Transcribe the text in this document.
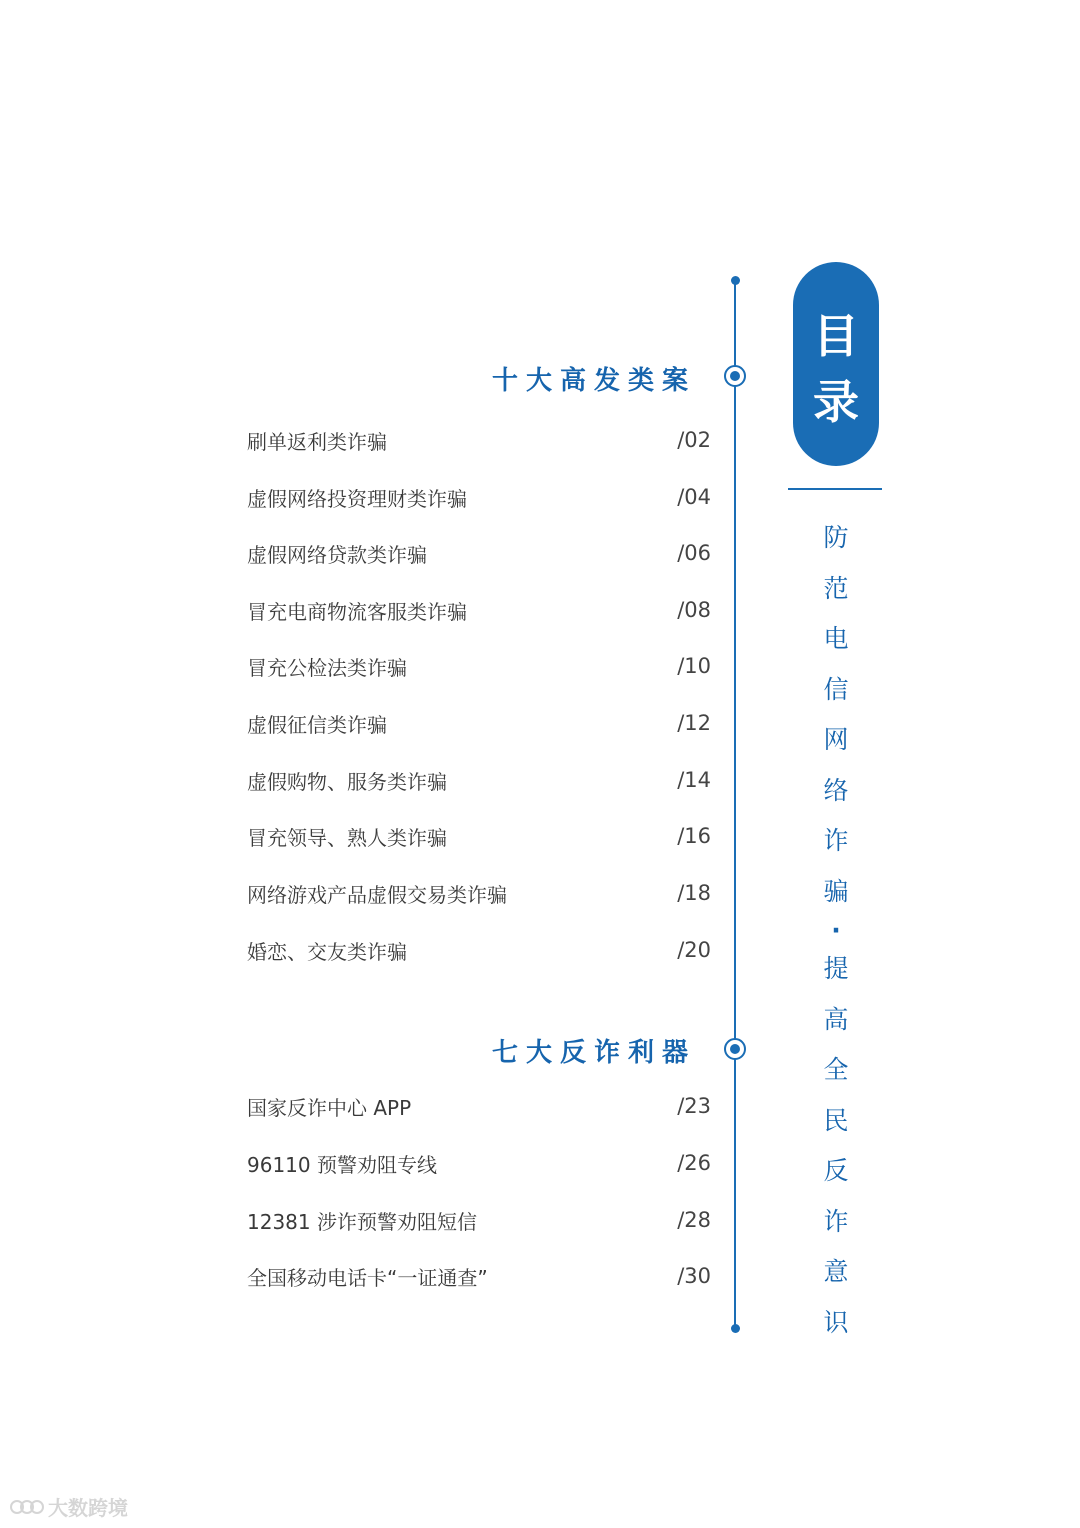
十大高发类案
刷单返利类诈骗	/02
虚假网络投资理财类诈骗	/04
虚假网络贷款类诈骗	/06
冒充电商物流客服类诈骗	/08
冒充公检法类诈骗	/10
虚假征信类诈骗	/12
虚假购物、服务类诈骗	/14
冒充领导、熟人类诈骗	/16
网络游戏产品虚假交易类诈骗	/18
婚恋、交友类诈骗	/20
七大反诈利器
国家反诈中心 APP	/23
96110 预警劝阻专线	/26
12381 涉诈预警劝阻短信	/28
全国移动电话卡“一证通查”	/30
目
录
防
范
电
信
网
络
诈
骗
·
提
高
全
民
反
诈
意
识
大数跨境
